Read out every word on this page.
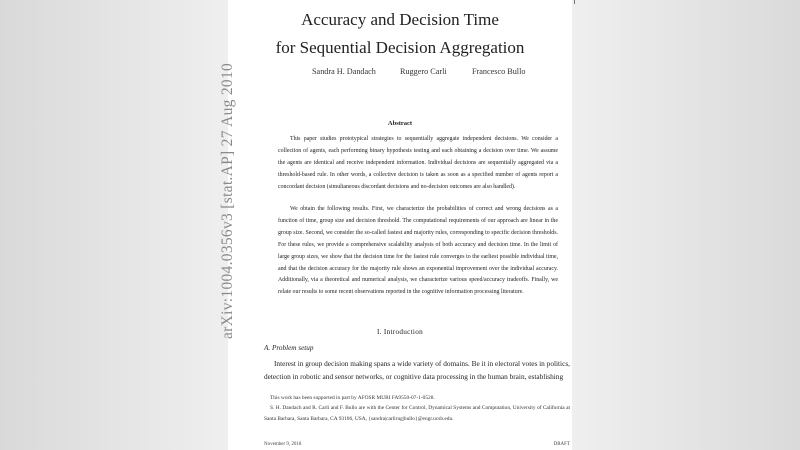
arXiv:1004.0356v3 [stat.AP] 27 Aug 2010
Accuracy and Decision Time
for Sequential Decision Aggregation
Sandra H. Dandach	Ruggero Carli	Francesco Bullo
Abstract

This paper studies prototypical strategies to sequentially aggregate independent decisions. We consider a collection of agents, each performing binary hypothesis testing and each obtaining a decision over time. We assume the agents are identical and receive independent information. Individual decisions are sequentially aggregated via a threshold-based rule. In other words, a collective decision is taken as soon as a specified number of agents report a concordant decision (simultaneous discordant decisions and no-decision outcomes are also handled).

We obtain the following results. First, we characterize the probabilities of correct and wrong decisions as a function of time, group size and decision threshold. The computational requirements of our approach are linear in the group size. Second, we consider the so-called fastest and majority rules, corresponding to specific decision thresholds. For these rules, we provide a comprehensive scalability analysis of both accuracy and decision time. In the limit of large group sizes, we show that the decision time for the fastest rule converges to the earliest possible individual time, and that the decision accuracy for the majority rule shows an exponential improvement over the individual accuracy. Additionally, via a theoretical and numerical analysis, we characterize various speed/accuracy tradeoffs. Finally, we relate our results to some recent observations reported in the cognitive information processing literature.

I. Introduction
A. Problem setup

Interest in group decision making spans a wide variety of domains. Be it in electoral votes in politics, detection in robotic and sensor networks, or cognitive data processing in the human brain, establishing

This work has been supported in part by AFOSR MURI FA9550-07-1-0528.

S. H. Dandach and R. Carli and F. Bullo are with the Center for Control, Dynamical Systems and Computation, University of California at Santa Barbara, Santa Barbara, CA 93106, USA, {sandra|carlirug|bullo}@engr.ucsb.edu.

November 9, 2018	DRAFT
